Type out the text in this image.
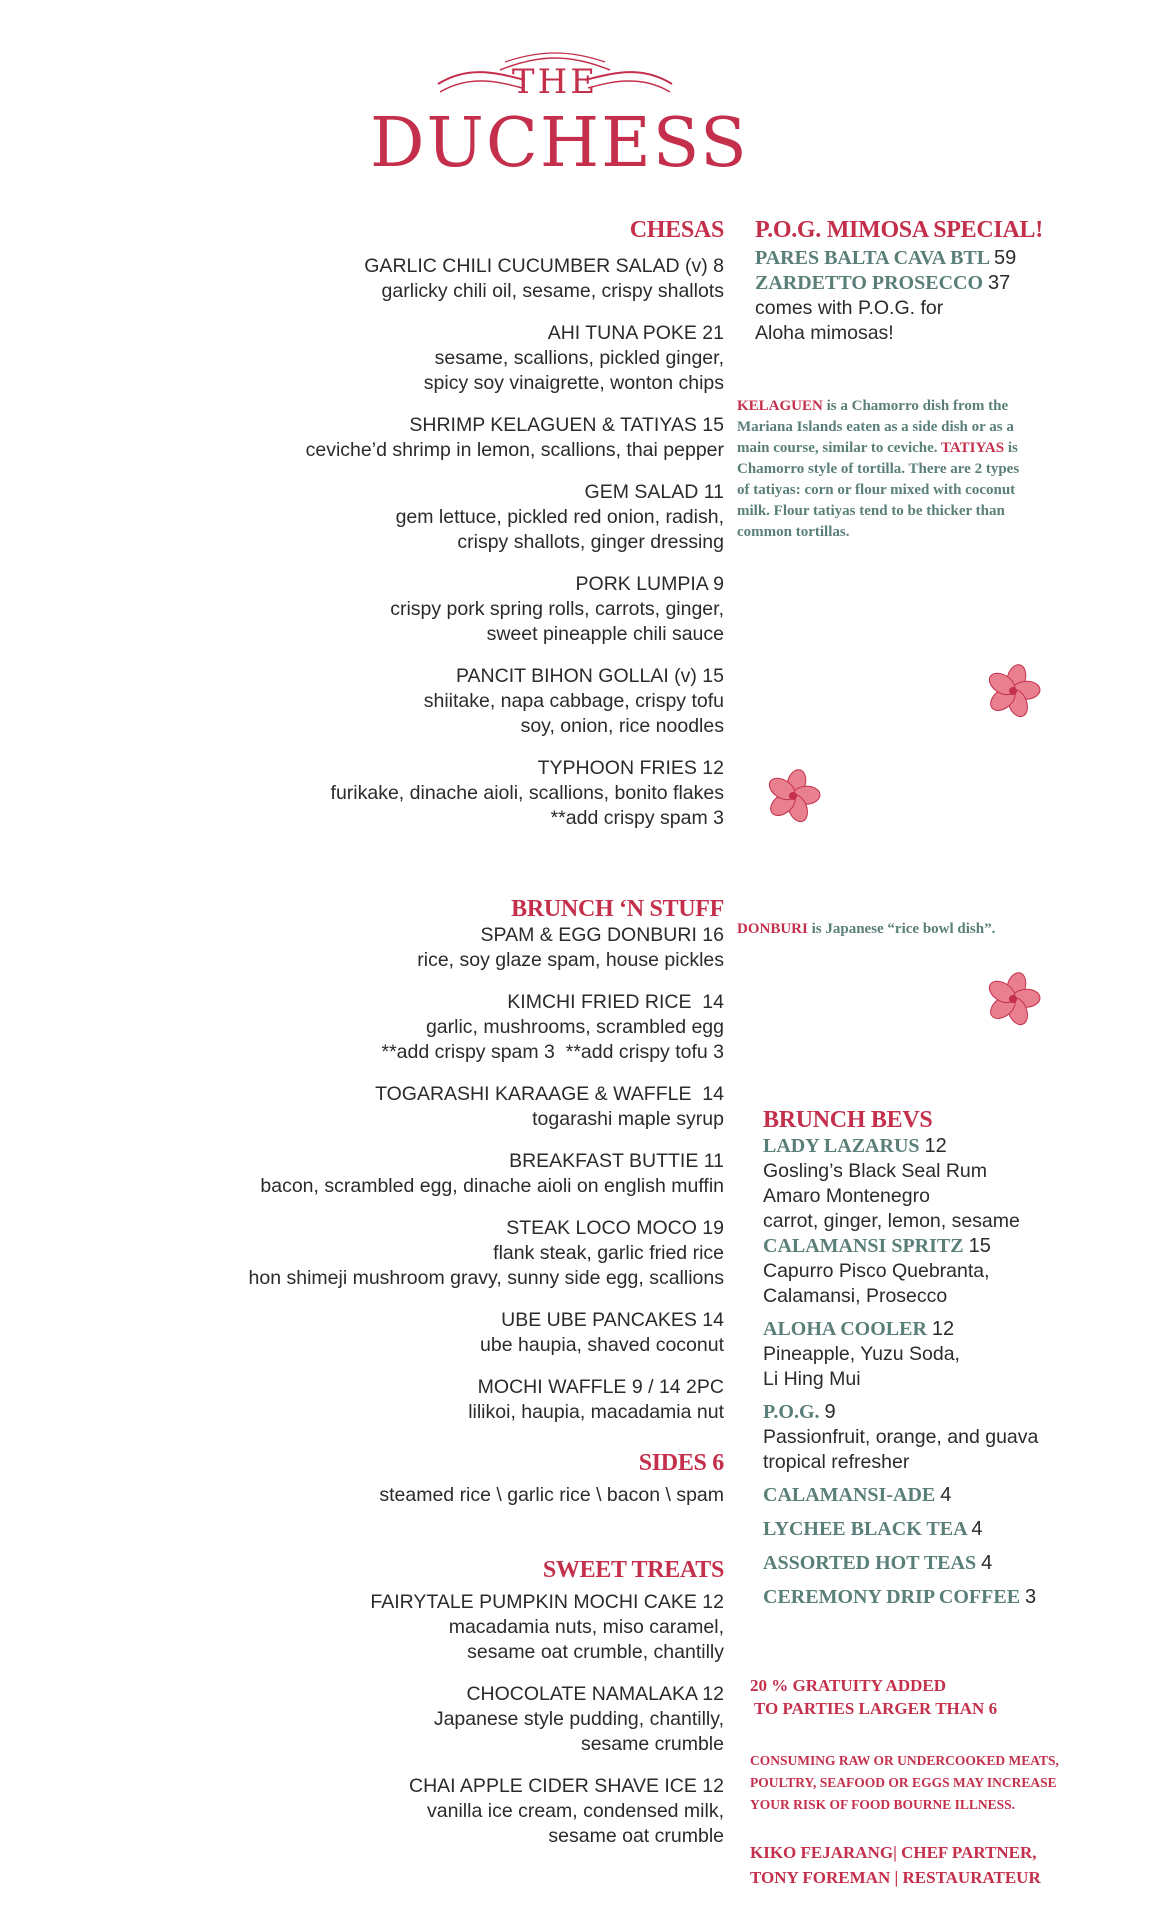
THE
DUCHESS
CHESAS
GARLIC CHILI CUCUMBER SALAD (v) 8
garlicky chili oil, sesame, crispy shallots
AHI TUNA POKE 21
sesame, scallions, pickled ginger,
spicy soy vinaigrette, wonton chips
SHRIMP KELAGUEN & TATIYAS 15
ceviche’d shrimp in lemon, scallions, thai pepper
GEM SALAD 11
gem lettuce, pickled red onion, radish,
crispy shallots, ginger dressing
PORK LUMPIA 9
crispy pork spring rolls, carrots, ginger,
sweet pineapple chili sauce
PANCIT BIHON GOLLAI (v) 15
shiitake, napa cabbage, crispy tofu
soy, onion, rice noodles
TYPHOON FRIES 12
furikake, dinache aioli, scallions, bonito flakes
**add crispy spam 3
BRUNCH ‘N STUFF
SPAM & EGG DONBURI 16
rice, soy glaze spam, house pickles
KIMCHI FRIED RICE  14
garlic, mushrooms, scrambled egg
**add crispy spam 3  **add crispy tofu 3
TOGARASHI KARAAGE & WAFFLE  14
togarashi maple syrup
BREAKFAST BUTTIE 11
bacon, scrambled egg, dinache aioli on english muffin
STEAK LOCO MOCO 19
flank steak, garlic fried rice
hon shimeji mushroom gravy, sunny side egg, scallions
UBE UBE PANCAKES 14
ube haupia, shaved coconut
MOCHI WAFFLE 9 / 14 2PC
lilikoi, haupia, macadamia nut
SIDES 6
steamed rice \ garlic rice \ bacon \ spam
SWEET TREATS
FAIRYTALE PUMPKIN MOCHI CAKE 12
macadamia nuts, miso caramel,
sesame oat crumble, chantilly
CHOCOLATE NAMALAKA 12
Japanese style pudding, chantilly,
sesame crumble
CHAI APPLE CIDER SHAVE ICE 12
vanilla ice cream, condensed milk,
sesame oat crumble
P.O.G. MIMOSA SPECIAL!
PARES BALTA CAVA BTL 59
ZARDETTO PROSECCO 37
comes with P.O.G. for
Aloha mimosas!
KELAGUEN is a Chamorro dish from the
Mariana Islands eaten as a side dish or as a
main course, similar to ceviche. TATIYAS is
Chamorro style of tortilla. There are 2 types
of tatiyas: corn or flour mixed with coconut
milk. Flour tatiyas tend to be thicker than
common tortillas.
DONBURI is Japanese “rice bowl dish”.
BRUNCH BEVS
LADY LAZARUS 12
Gosling’s Black Seal Rum
Amaro Montenegro
carrot, ginger, lemon, sesame
CALAMANSI SPRITZ 15
Capurro Pisco Quebranta,
Calamansi, Prosecco
ALOHA COOLER 12
Pineapple, Yuzu Soda,
Li Hing Mui
P.O.G. 9
Passionfruit, orange, and guava
tropical refresher
CALAMANSI-ADE 4
LYCHEE BLACK TEA 4
ASSORTED HOT TEAS 4
CEREMONY DRIP COFFEE 3
20 % GRATUITY ADDED
TO PARTIES LARGER THAN 6
CONSUMING RAW OR UNDERCOOKED MEATS,
POULTRY, SEAFOOD OR EGGS MAY INCREASE
YOUR RISK OF FOOD BOURNE ILLNESS.
KIKO FEJARANG| CHEF PARTNER,
TONY FOREMAN | RESTAURATEUR
